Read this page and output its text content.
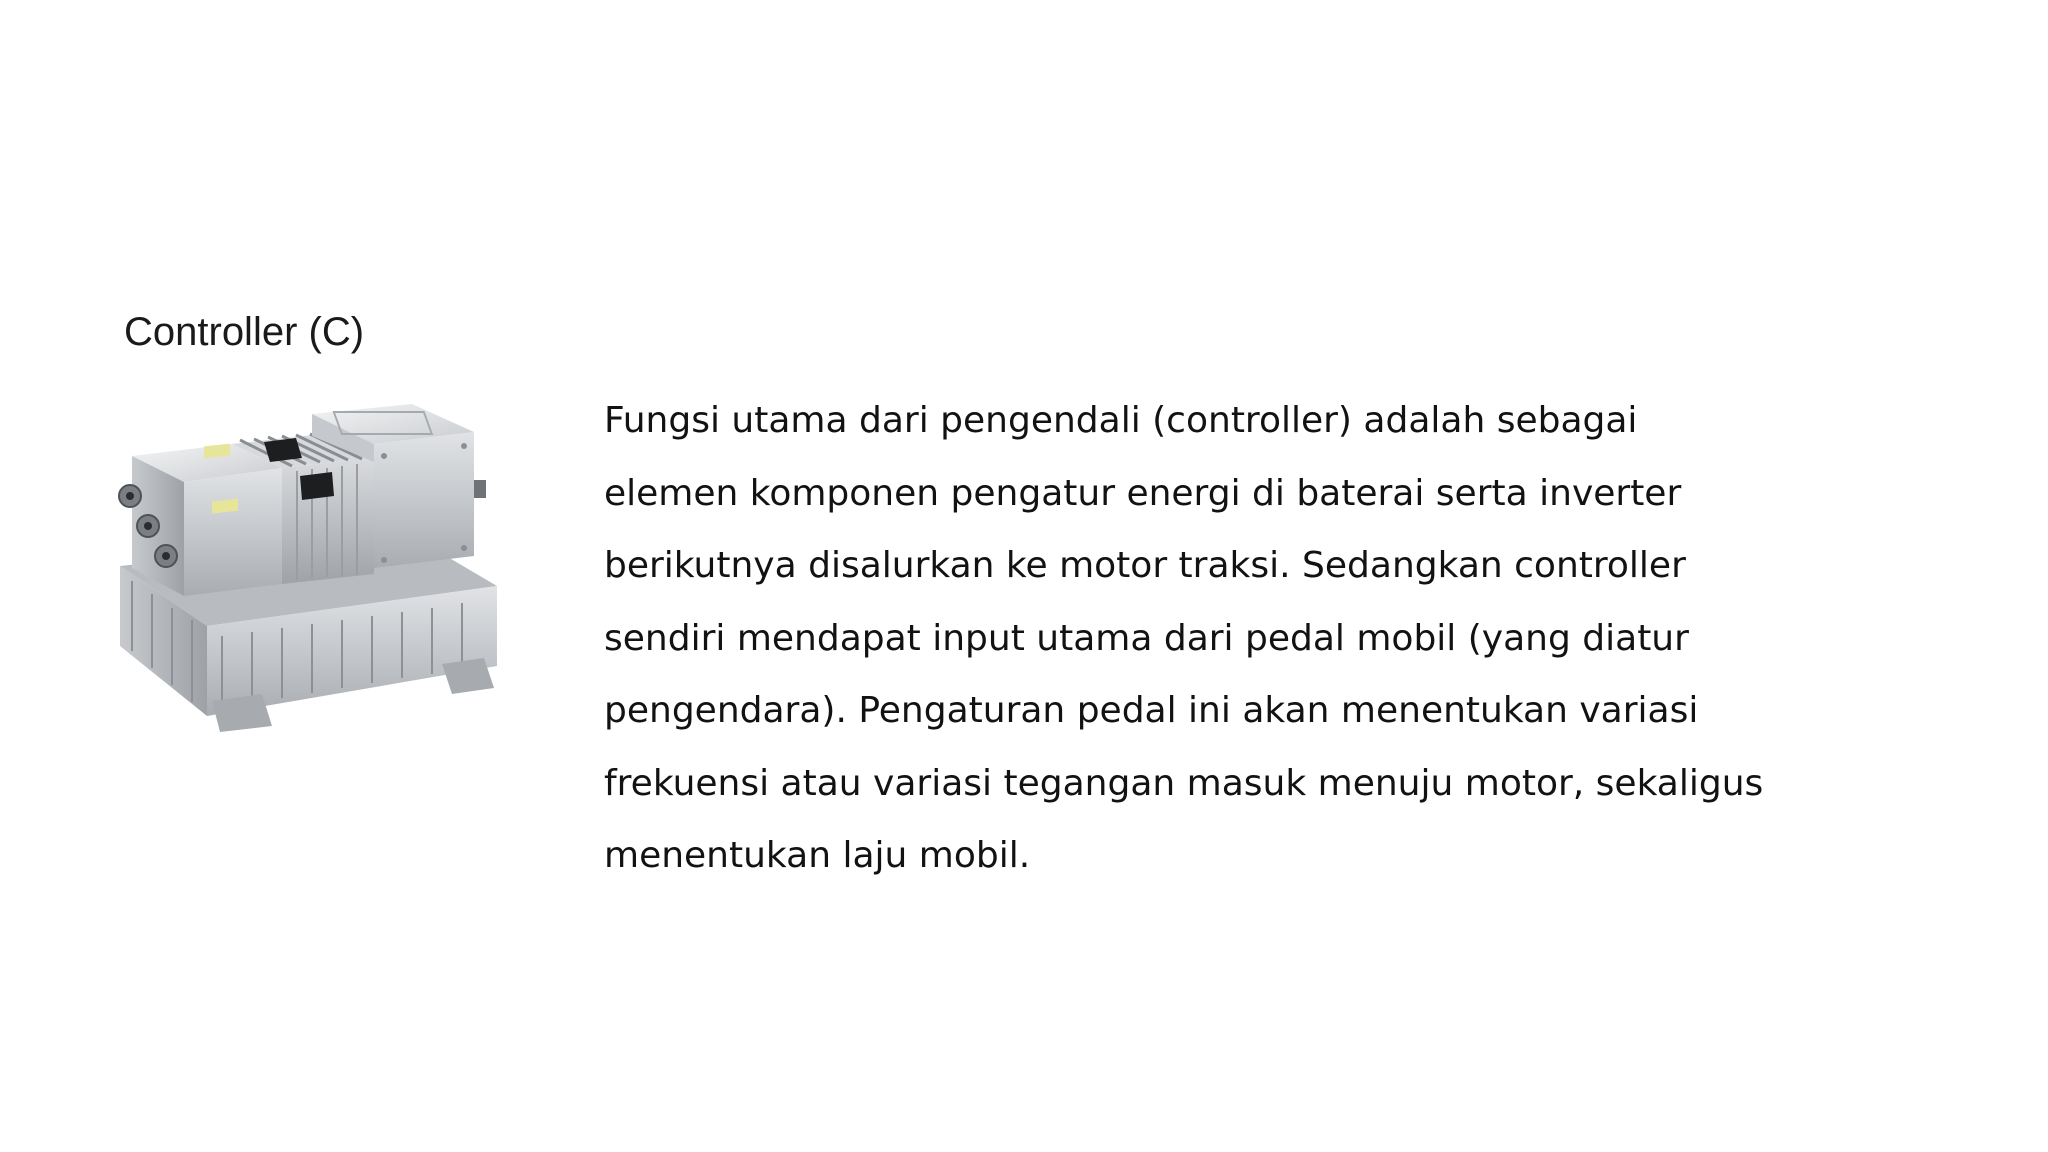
Controller (C)

Fungsi utama dari pengendali (controller) adalah sebagai
elemen komponen pengatur energi di baterai serta inverter
berikutnya disalurkan ke motor traksi. Sedangkan controller
sendiri mendapat input utama dari pedal mobil (yang diatur
pengendara). Pengaturan pedal ini akan menentukan variasi
frekuensi atau variasi tegangan masuk menuju motor, sekaligus
menentukan laju mobil.
